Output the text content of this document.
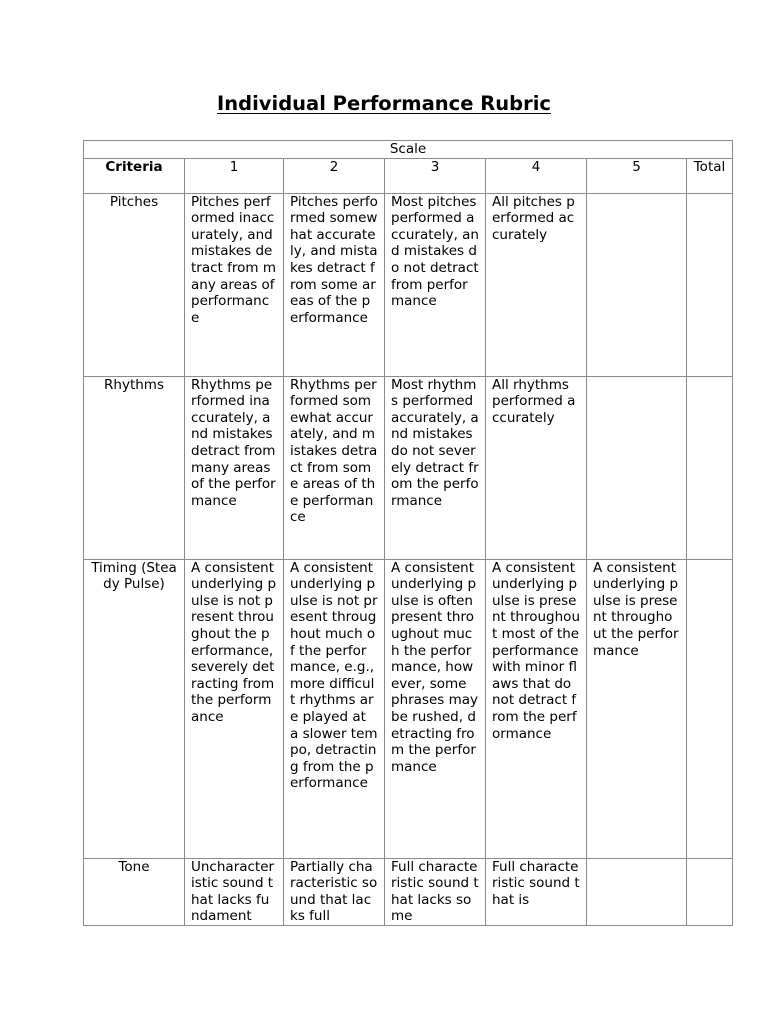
Individual Performance Rubric
Scale						
Criteria	1	2	3	4	5	Total
Pitches	Pitches performed inaccurately, and mistakes detract from many areas of performance	Pitches performed somewhat accurately, and mistakes detract from some areas of the performance	Most pitches performed accurately, and mistakes do not detract from performance	All pitches performed accurately		
Rhythms	Rhythms performed inaccurately, and mistakes detract from many areas of the performance	Rhythms performed somewhat accurately, and mistakes detract from some areas of the performance	Most rhythms performed accurately, and mistakes do not severely detract from the performance	All rhythms performed accurately		
Timing (Steady Pulse)	A consistent underlying pulse is not present throughout the performance, severely detracting from the performance	A consistent underlying pulse is not present throughout much of the performance, e.g., more difficult rhythms are played at a slower tempo, detracting from the performance	A consistent underlying pulse is often present throughout much the performance, however, some phrases may be rushed, detracting from the performance	A consistent underlying pulse is present throughout most of the performance with minor flaws that do not detract from the performance	A consistent underlying pulse is present throughout the performance	

Tone	Uncharacteristic sound that lacks fundament	Partially characteristic sound that lacks full	Full characteristic sound that lacks some	Full characteristic sound that is		
